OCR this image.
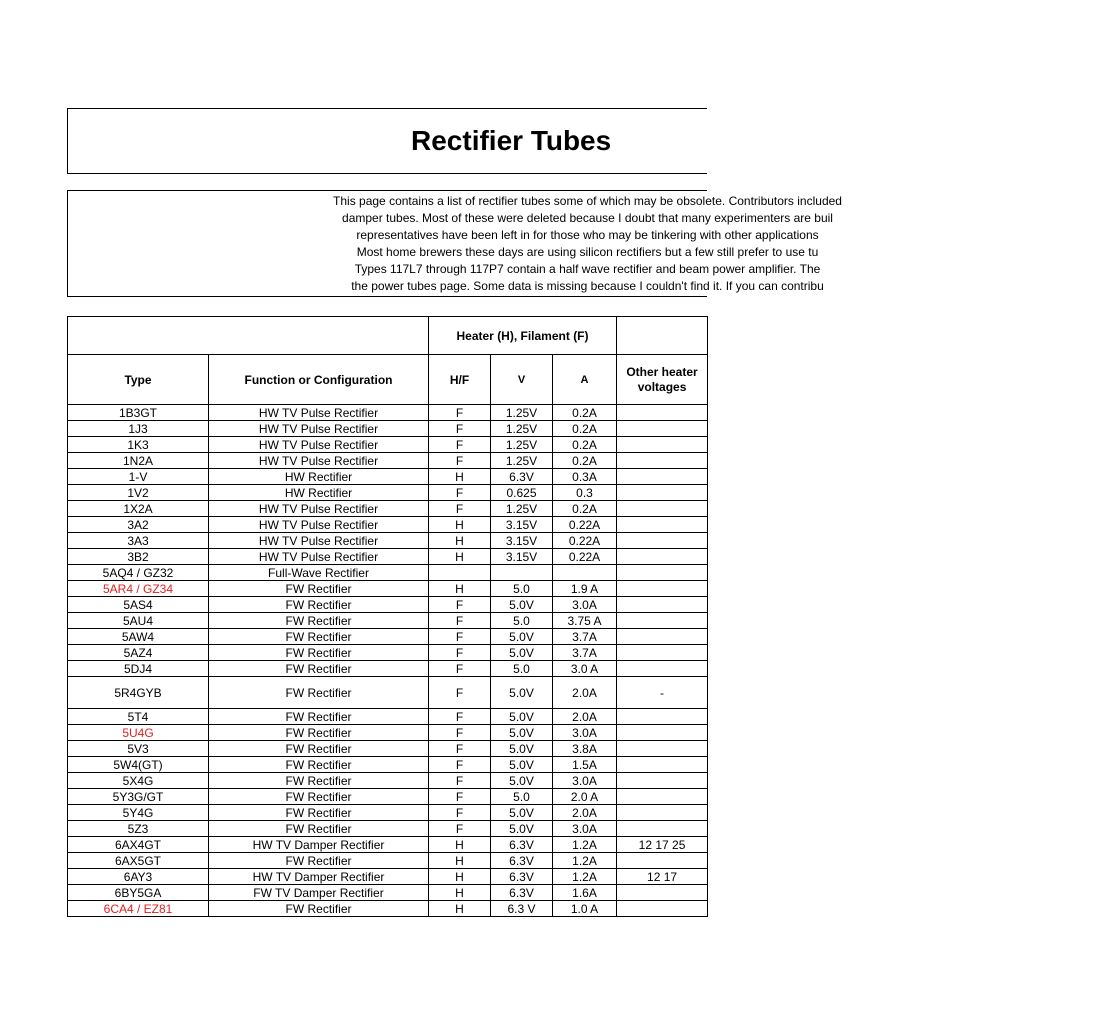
Rectifier Tubes
This page contains a list of rectifier tubes some of which may be obsolete. Contributors included
damper tubes. Most of these were deleted because I doubt that many experimenters are buil
representatives have been left in for those who may be tinkering with other applications
Most home brewers these days are using silicon rectifiers but a few still prefer to use tu
Types 117L7 through 117P7 contain a half wave rectifier and beam power amplifier. The
the power tubes page. Some data is missing because I couldn't find it. If you can contribu
		Heater (H), Filament (F)			
Type	Function or Configuration	H/F	V	A	Other heater voltages
1B3GT	HW TV Pulse Rectifier	F	1.25V	0.2A	
1J3	HW TV Pulse Rectifier	F	1.25V	0.2A	
1K3	HW TV Pulse Rectifier	F	1.25V	0.2A	
1N2A	HW TV Pulse Rectifier	F	1.25V	0.2A	
1-V	HW Rectifier	H	6.3V	0.3A	
1V2	HW Rectifier	F	0.625	0.3	
1X2A	HW TV Pulse Rectifier	F	1.25V	0.2A	
3A2	HW TV Pulse Rectifier	H	3.15V	0.22A	
3A3	HW TV Pulse Rectifier	H	3.15V	0.22A	
3B2	HW TV Pulse Rectifier	H	3.15V	0.22A	
5AQ4 / GZ32	Full-Wave Rectifier				
5AR4 / GZ34	FW Rectifier	H	5.0	1.9 A	
5AS4	FW Rectifier	F	5.0V	3.0A	
5AU4	FW Rectifier	F	5.0	3.75 A	
5AW4	FW Rectifier	F	5.0V	3.7A	
5AZ4	FW Rectifier	F	5.0V	3.7A	
5DJ4	FW Rectifier	F	5.0	3.0 A	
5R4GYB	FW Rectifier	F	5.0V	2.0A	-
5T4	FW Rectifier	F	5.0V	2.0A	
5U4G	FW Rectifier	F	5.0V	3.0A	
5V3	FW Rectifier	F	5.0V	3.8A	
5W4(GT)	FW Rectifier	F	5.0V	1.5A	
5X4G	FW Rectifier	F	5.0V	3.0A	
5Y3G/GT	FW Rectifier	F	5.0	2.0 A	
5Y4G	FW Rectifier	F	5.0V	2.0A	
5Z3	FW Rectifier	F	5.0V	3.0A	
6AX4GT	HW TV Damper Rectifier	H	6.3V	1.2A	12 17 25
6AX5GT	FW Rectifier	H	6.3V	1.2A	
6AY3	HW TV Damper Rectifier	H	6.3V	1.2A	12 17
6BY5GA	FW TV Damper Rectifier	H	6.3V	1.6A	
6CA4 / EZ81	FW Rectifier	H	6.3 V	1.0 A	
